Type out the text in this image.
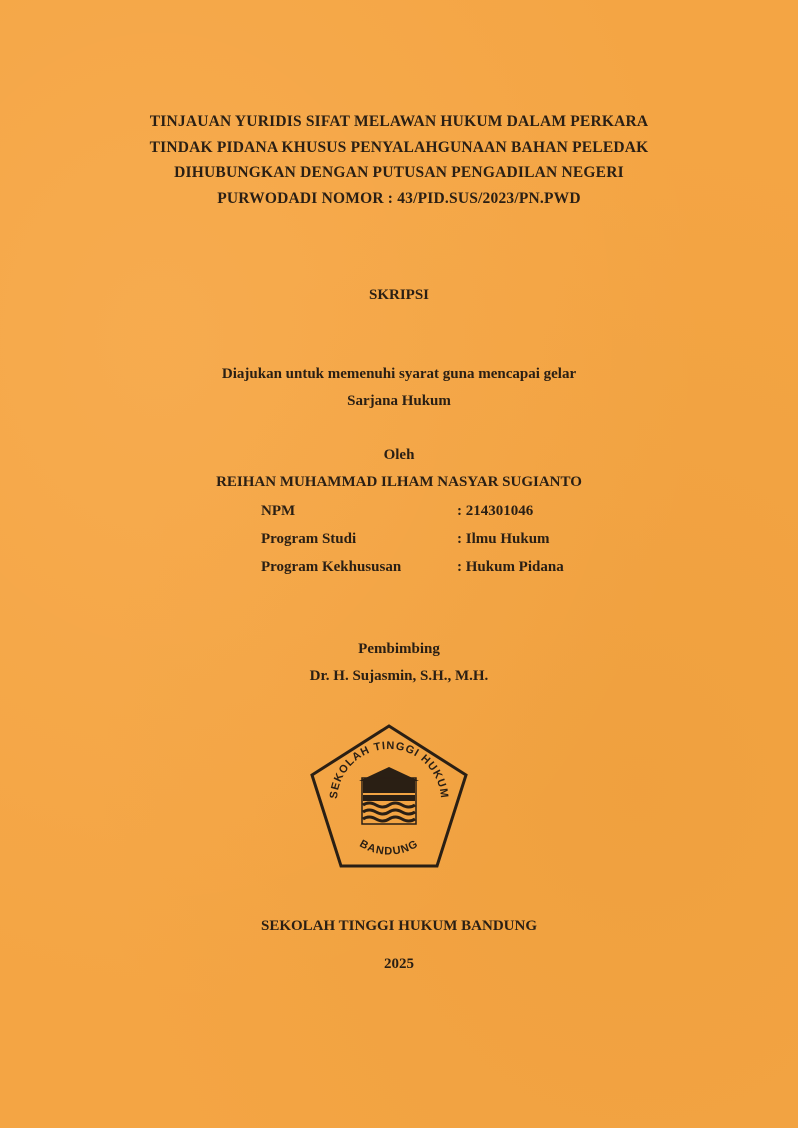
TINJAUAN YURIDIS SIFAT MELAWAN HUKUM DALAM PERKARA
TINDAK PIDANA KHUSUS PENYALAHGUNAAN BAHAN PELEDAK
DIHUBUNGKAN DENGAN PUTUSAN PENGADILAN NEGERI
PURWODADI NOMOR : 43/PID.SUS/2023/PN.PWD
SKRIPSI
Diajukan untuk memenuhi syarat guna mencapai gelar
Sarjana Hukum
Oleh
REIHAN MUHAMMAD ILHAM NASYAR SUGIANTO
NPM	: 214301046
Program Studi	: Ilmu Hukum
Program Kekhususan	: Hukum Pidana
Pembimbing
Dr. H. Sujasmin, S.H., M.H.
SEKOLAH TINGGI HUKUM
BANDUNG
SEKOLAH TINGGI HUKUM BANDUNG
2025
